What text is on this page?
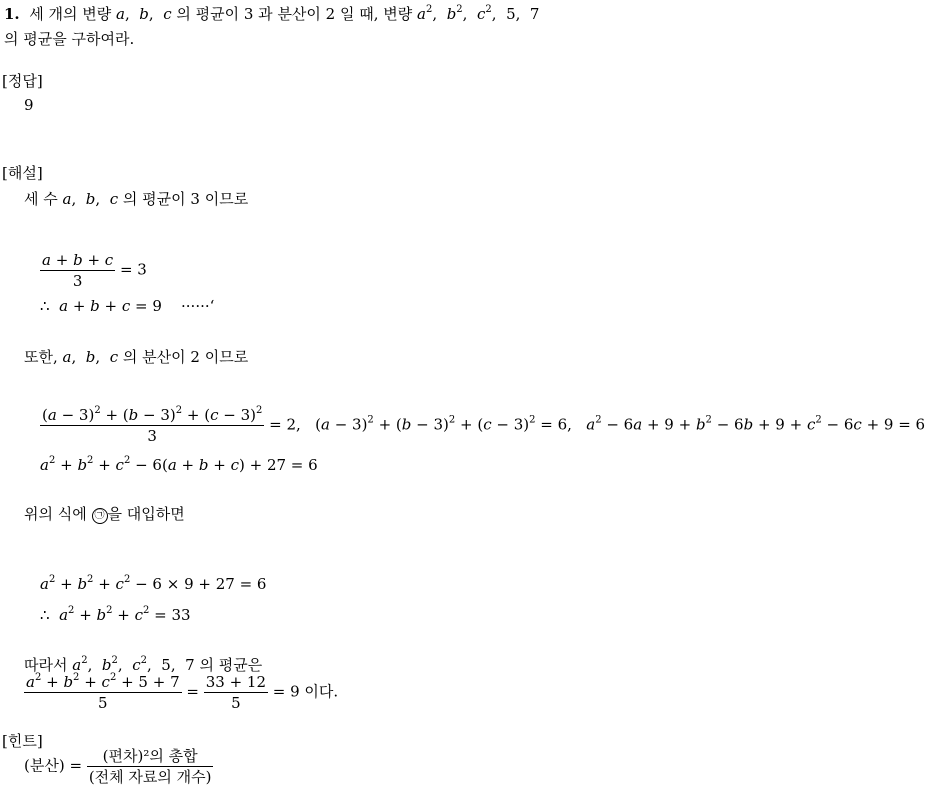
1. 세 개의 변량 a,  b,  c 의 평균이 3 과 분산이 2 일 때, 변량 $a^2$,  $b^2$,  $c^2$,  5,  7
의 평균을 구하여라.
[정답]
9
[해설]
세 수 a,  b,  c 의 평균이 3 이므로
$\frac{a + b + c}{3} = 3$
∴ a + b + c = 9    ······‘
또한, a,  b,  c 의 분산이 2 이므로
$\frac{(a - 3)^2 + (b - 3)^2 + (c - 3)^2}{3} = 2$,   $(a - 3)^2 + (b - 3)^2 + (c - 3)^2 = 6$,   $a^2 - 6a + 9 + b^2 - 6b + 9 + c^2 - 6c + 9 = 6$
$a^2 + b^2 + c^2 - 6(a + b + c) + 27 = 6$
위의 식에 ㉠ 을 대입하면
$a^2 + b^2 + c^2 - 6 \times 9 + 27 = 6$
∴ $a^2 + b^2 + c^2 = 33$
따라서 $a^2$,  $b^2$,  $c^2$,  5,  7 의 평균은
$\frac{a^2 + b^2 + c^2 + 5 + 7}{5} = \frac{33 + 12}{5} = 9$ 이다.
[힌트]
(분산) = $\frac{\text{(편차)²의 총합}}{\text{(전체 자료의 개수)}}$
